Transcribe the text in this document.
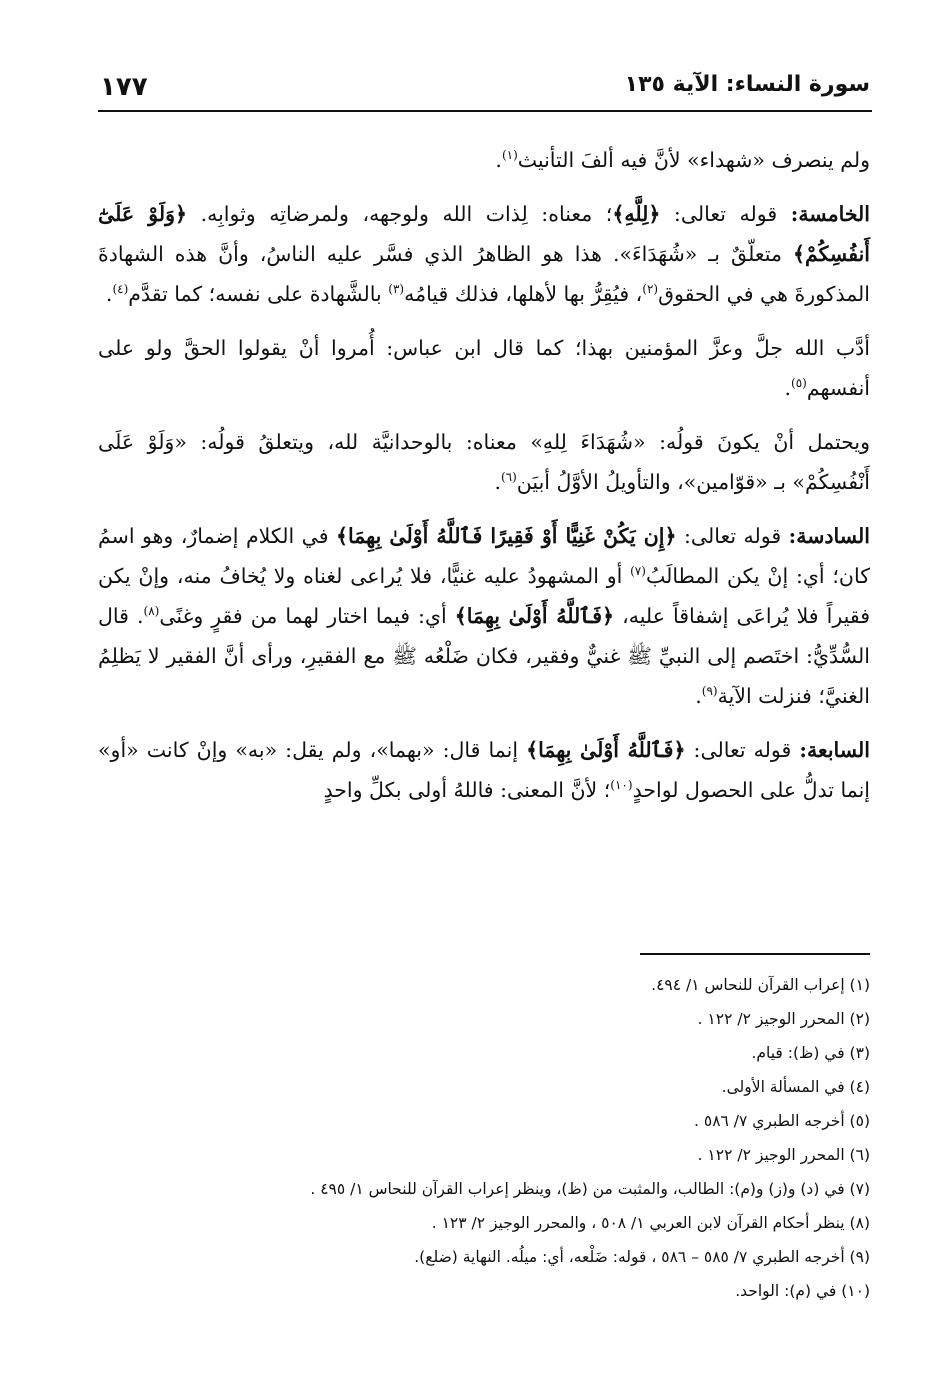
سورة النساء: الآية ١٣٥
١٧٧

ولم ينصرف «شهداء» لأنَّ فيه ألفَ التأنيث$^{(١)}$.

الخامسة: قوله تعالى: ﴿لِلَّهِ﴾؛ معناه: لِذات الله ولوجهه، ولمرضاتِه وثوابِه. ﴿وَلَوْ عَلَىٰٓ أَنفُسِكُمْ﴾ متعلّقٌ بـ «شُهَدَاءَ». هذا هو الظاهرُ الذي فسَّر عليه الناسُ، وأنَّ هذه الشهادةَ المذكورةَ هي في الحقوق$^{(٢)}$، فيُقِرُّ بها لأهلها، فذلك قيامُه$^{(٣)}$ بالشَّهادة على نفسه؛ كما تقدَّم$^{(٤)}$.

أدَّب الله جلَّ وعزَّ المؤمنين بهذا؛ كما قال ابن عباس: أُمروا أنْ يقولوا الحقَّ ولو على أنفسهم$^{(٥)}$.

ويحتمل أنْ يكونَ قولُه: «شُهَدَاءَ لِلهِ» معناه: بالوحدانيَّة لله، ويتعلقُ قولُه: «وَلَوْ عَلَى أَنْفُسِكُمْ» بـ «قوّامين»، والتأويلُ الأوَّلُ أبيَن$^{(٦)}$.

السادسة: قوله تعالى: ﴿إِن يَكُنْ غَنِيًّا أَوْ فَقِيرًا فَٱللَّهُ أَوْلَىٰ بِهِمَا﴾ في الكلام إضمارٌ، وهو اسمُ كان؛ أي: إنْ يكن المطالَبُ$^{(٧)}$ أو المشهودُ عليه غنيًّا، فلا يُراعى لغناه ولا يُخافُ منه، وإنْ يكن فقيراً فلا يُراعَى إشفاقاً عليه، ﴿فَٱللَّهُ أَوْلَىٰ بِهِمَا﴾ أي: فيما اختار لهما من فقرٍ وغنًى$^{(٨)}$. قال السُّدِّيُّ: اختَصم إلى النبيِّ ﷺ غنيٌّ وفقير، فكان ضَلْعُه ﷺ مع الفقيرِ، ورأى أنَّ الفقير لا يَظلِمُ الغنيَّ؛ فنزلت الآية$^{(٩)}$.

السابعة: قوله تعالى: ﴿فَٱللَّهُ أَوْلَىٰ بِهِمَا﴾ إنما قال: «بهما»، ولم يقل: «به» وإنْ كانت «أو» إنما تدلُّ على الحصول لواحدٍ$^{(١٠)}$؛ لأنَّ المعنى: فاللهُ أولى بكلِّ واحدٍ

(١) إعراب القرآن للنحاس ١/ ٤٩٤.
(٢) المحرر الوجيز ٢/ ١٢٢ .
(٣) في (ظ): قيام.
(٤) في المسألة الأولى.
(٥) أخرجه الطبري ٧/ ٥٨٦ .
(٦) المحرر الوجيز ٢/ ١٢٢ .
(٧) في (د) و(ز) و(م): الطالب، والمثبت من (ظ)، وينظر إعراب القرآن للنحاس ١/ ٤٩٥ .
(٨) ينظر أحكام القرآن لابن العربي ١/ ٥٠٨ ، والمحرر الوجيز ٢/ ١٢٣ .
(٩) أخرجه الطبري ٧/ ٥٨٥ – ٥٨٦ ، قوله: ضَلْعه، أي: ميلُه. النهاية (ضلع).
(١٠) في (م): الواحد.
